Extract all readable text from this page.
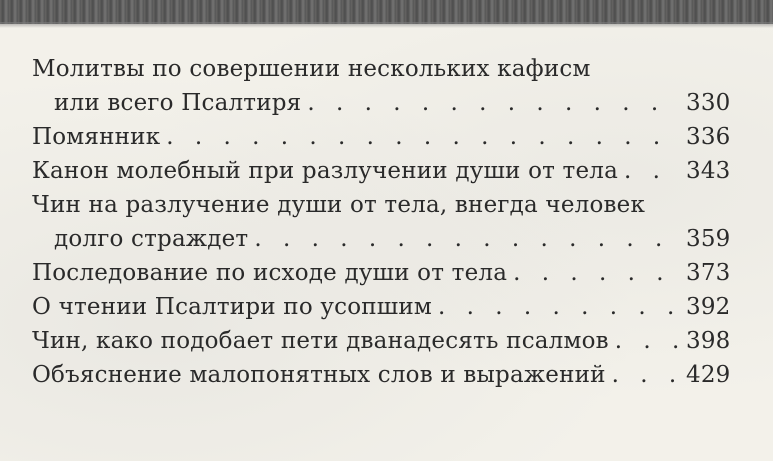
Молитвы по совершении нескольких кафисм
или всего Псалтиря . . .	330
Помянник . . .	336
Канон молебный при разлучении души от тела . . .	343
Чин на разлучение души от тела, внегда человек
долго страждет . . .	359
Последование по исходе души от тела . . .	373
О чтении Псалтири по усопшим . . .	392
Чин, како подобает пети дванадесять псалмов . . .	398
Объяснение малопонятных слов и выражений . . .	429
